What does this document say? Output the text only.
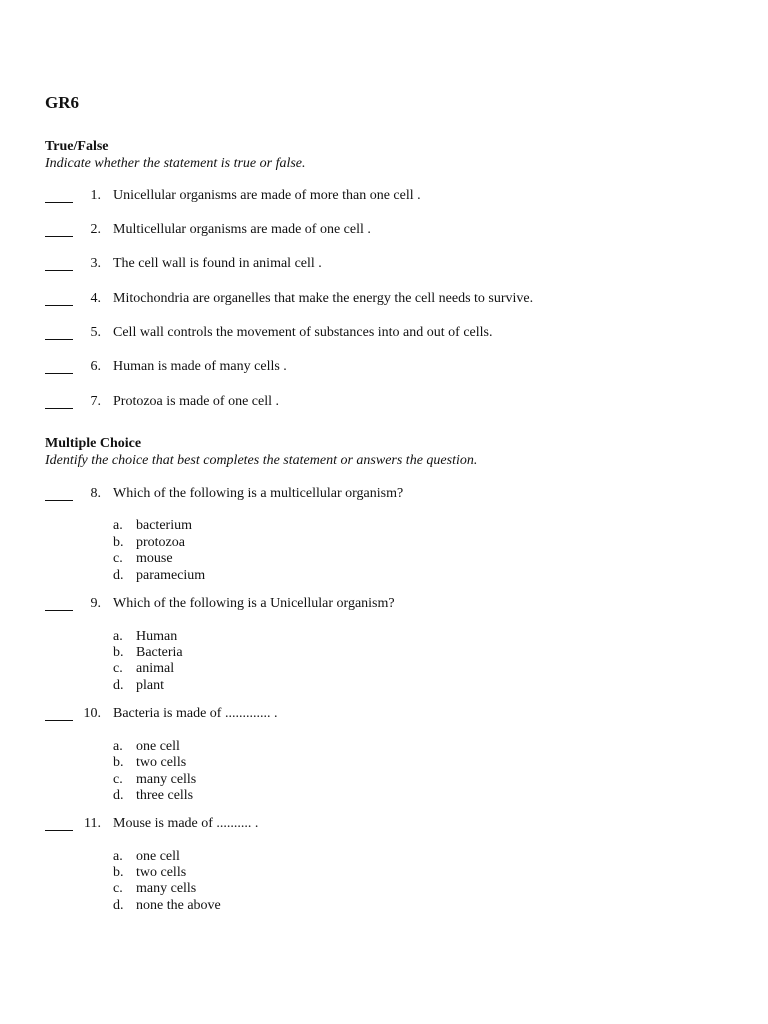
GR6
True/False
Indicate whether the statement is true or false.
1. Unicellular organisms are made of more than one cell .
2. Multicellular organisms are made of one cell .
3. The cell wall is found in animal cell .
4. Mitochondria are organelles that make the energy the cell needs to survive.
5. Cell wall controls the movement of substances into and out of cells.
6. Human is made of many cells .
7. Protozoa is made of one cell .
Multiple Choice
Identify the choice that best completes the statement or answers the question.
8. Which of the following is a multicellular organism?
a. bacterium
b. protozoa
c. mouse
d. paramecium
9. Which of the following is a Unicellular organism?
a. Human
b. Bacteria
c. animal
d. plant
10. Bacteria is made of ............. .
a. one cell
b. two cells
c. many cells
d. three cells
11. Mouse is made of .......... .
a. one cell
b. two cells
c. many cells
d. none the above
